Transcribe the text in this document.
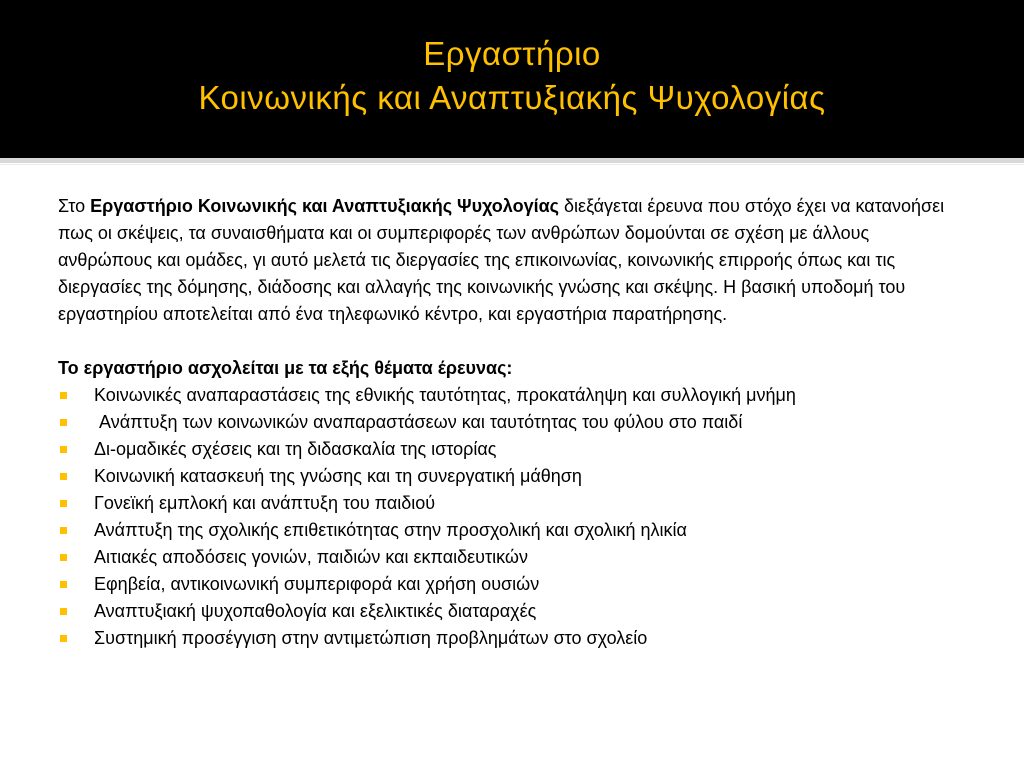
Εργαστήριο
Κοινωνικής και Αναπτυξιακής Ψυχολογίας

Στο Εργαστήριο Κοινωνικής και Αναπτυξιακής Ψυχολογίας διεξάγεται έρευνα που στόχο έχει να κατανοήσει πως οι σκέψεις, τα συναισθήματα και οι συμπεριφορές των ανθρώπων δομούνται σε σχέση με άλλους ανθρώπους και ομάδες, γι αυτό μελετά τις διεργασίες της επικοινωνίας, κοινωνικής επιρροής όπως και τις διεργασίες της δόμησης, διάδοσης και αλλαγής της κοινωνικής γνώσης και σκέψης. Η βασική υποδομή του εργαστηρίου αποτελείται από ένα τηλεφωνικό κέντρο, και εργαστήρια παρατήρησης.

Το εργαστήριο ασχολείται με τα εξής θέματα έρευνας:

Κοινωνικές αναπαραστάσεις της εθνικής ταυτότητας, προκατάληψη και συλλογική μνήμη
Ανάπτυξη των κοινωνικών αναπαραστάσεων και ταυτότητας του φύλου στο παιδί
Δι-ομαδικές σχέσεις και τη διδασκαλία της ιστορίας
Κοινωνική κατασκευή της γνώσης και τη συνεργατική μάθηση
Γονεϊκή εμπλοκή και ανάπτυξη του παιδιού
Ανάπτυξη της σχολικής επιθετικότητας στην προσχολική και σχολική ηλικία
Αιτιακές αποδόσεις γονιών, παιδιών και εκπαιδευτικών
Εφηβεία, αντικοινωνική συμπεριφορά και χρήση ουσιών
Αναπτυξιακή ψυχοπαθολογία και εξελικτικές διαταραχές
Συστημική προσέγγιση στην αντιμετώπιση προβλημάτων στο σχολείο
